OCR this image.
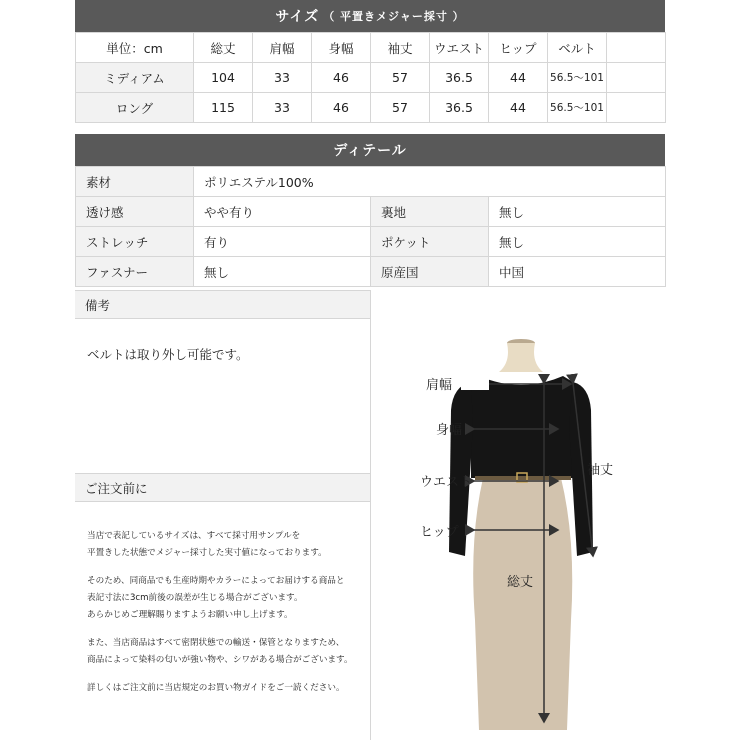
サイズ （ 平置きメジャー採寸 ）
単位：cm	総丈	肩幅	身幅	袖丈	ウエスト	ヒップ	ベルト	
ミディアム	104	33	46	57	36.5	44	56.5～101	
ロング	115	33	46	57	36.5	44	56.5～101	
ディテール
素材	ポリエステル100%		
透け感	やや有り	裏地	無し
ストレッチ	有り	ポケット	無し
ファスナー	無し	原産国	中国
備考
ベルトは取り外し可能です。
ご注文前に

当店で表記しているサイズは、すべて採寸用サンプルを
平置きした状態でメジャー採寸した実寸値になっております。

そのため、同商品でも生産時期やカラーによってお届けする商品と
表記寸法に3cm前後の誤差が生じる場合がございます。
あらかじめご理解賜りますようお願い申し上げます。

また、当店商品はすべて密閉状態での輸送・保管となりますため、
商品によって染料の匂いが強い物や、シワがある場合がございます。

詳しくはご注文前に当店規定のお買い物ガイドをご一読ください。

肩幅
身幅
袖丈
ウエスト
ヒップ
総丈
